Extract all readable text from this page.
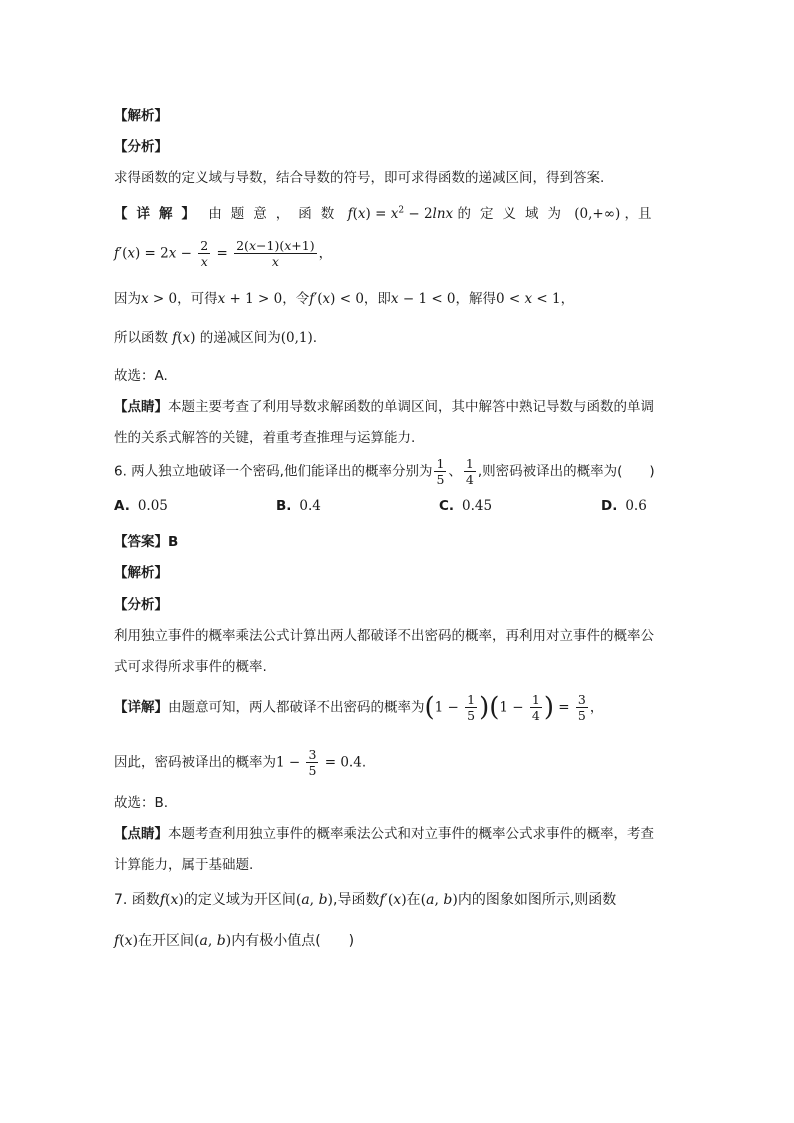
【解析】
【分析】
求得函数的定义域与导数，结合导数的符号，即可求得函数的递减区间，得到答案.
【详解】 由题意，函数 $f(x) = x^2 - 2\ln x$ 的定义域为 (0,+∞) ，且
$f'(x) = 2x - \frac{2}{x} = \frac{2(x-1)(x+1)}{x}$ ，
因为x > 0，可得x + 1 > 0，令f′(x) < 0，即x − 1 < 0，解得0 < x < 1，
所以函数 f(x) 的递减区间为(0,1).
故选：A.
【点睛】本题主要考查了利用导数求解函数的单调区间，其中解答中熟记导数与函数的单调
性的关系式解答的关键，着重考查推理与运算能力.
6. 两人独立地破译一个密码,他们能译出的概率分别为 $\frac{1}{5}$ 、 $\frac{1}{4}$ ,则密码被译出的概率为(　　)
A. 0.05	B. 0.4	C. 0.45	D. 0.6
【答案】B
【解析】
【分析】
利用独立事件的概率乘法公式计算出两人都破译不出密码的概率，再利用对立事件的概率公
式可求得所求事件的概率.
【详解】由题意可知，两人都破译不出密码的概率为$(1 - \frac{1}{5} )(1 - \frac{1}{4}$ ) = $\frac{3}{5}$ ，
因此，密码被译出的概率为$1 - \frac{3}{5} = 0.4$.
故选：B.
【点睛】本题考查利用独立事件的概率乘法公式和对立事件的概率公式求事件的概率，考查
计算能力，属于基础题.
7. 函数f(x)的定义域为开区间(a, b),导函数f′(x)在(a, b)内的图象如图所示,则函数
f(x)在开区间(a, b)内有极小值点(　　)
